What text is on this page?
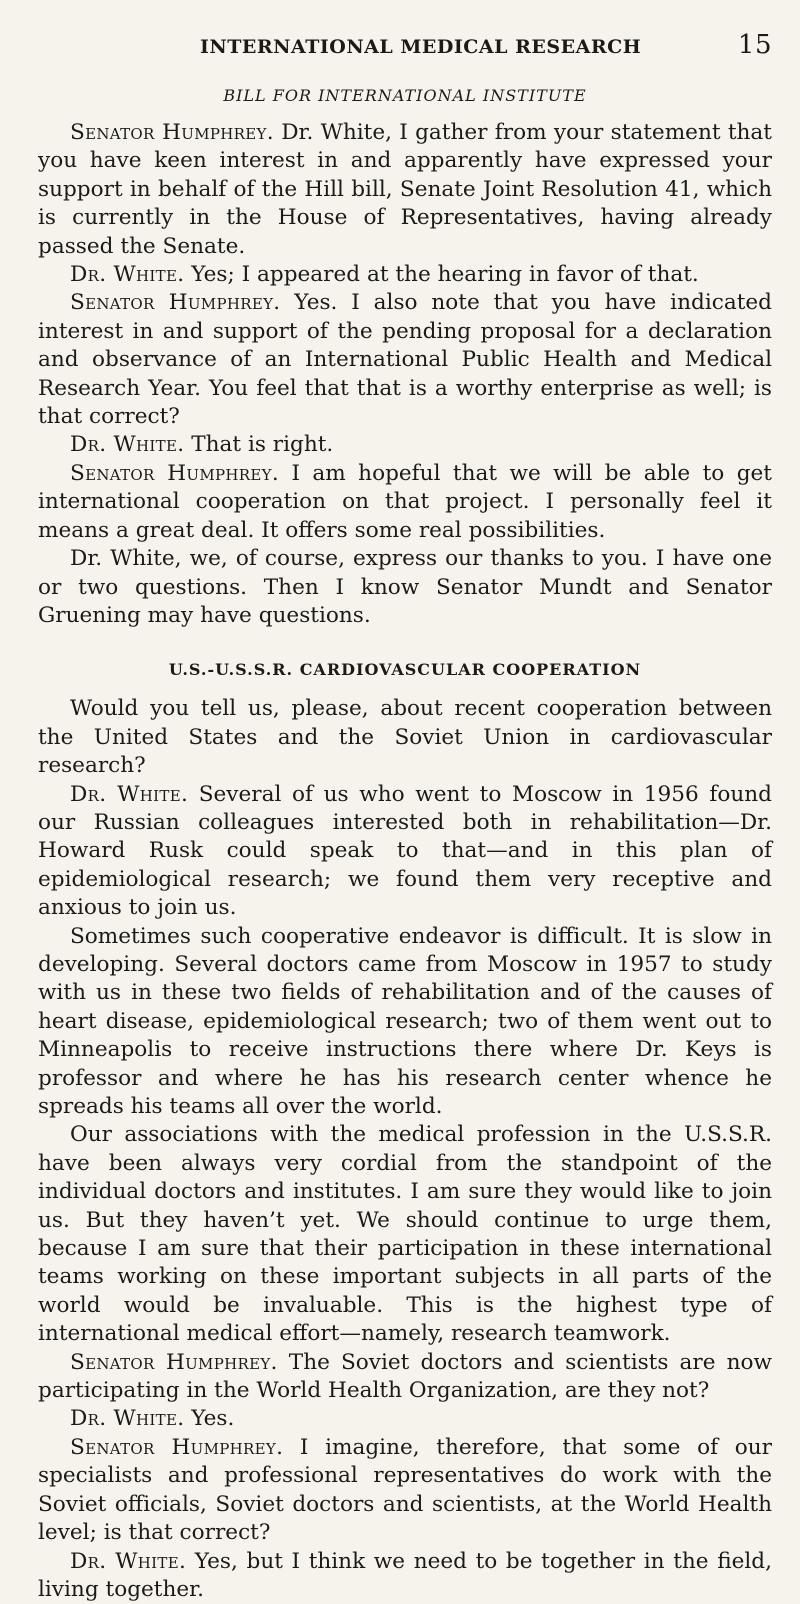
INTERNATIONAL MEDICAL RESEARCH	15
BILL FOR INTERNATIONAL INSTITUTE

Senator Humphrey. Dr. White, I gather from your statement that you have keen interest in and apparently have expressed your support in behalf of the Hill bill, Senate Joint Resolution 41, which is currently in the House of Representatives, having already passed the Senate.

Dr. White. Yes; I appeared at the hearing in favor of that.

Senator Humphrey. Yes. I also note that you have indicated interest in and support of the pending proposal for a declaration and observance of an International Public Health and Medical Research Year. You feel that that is a worthy enterprise as well; is that correct?

Dr. White. That is right.

Senator Humphrey. I am hopeful that we will be able to get international cooperation on that project. I personally feel it means a great deal. It offers some real possibilities.

Dr. White, we, of course, express our thanks to you. I have one or two questions. Then I know Senator Mundt and Senator Gruening may have questions.

U.S.-U.S.S.R. CARDIOVASCULAR COOPERATION

Would you tell us, please, about recent cooperation between the United States and the Soviet Union in cardiovascular research?

Dr. White. Several of us who went to Moscow in 1956 found our Russian colleagues interested both in rehabilitation—Dr. Howard Rusk could speak to that—and in this plan of epidemiological research; we found them very receptive and anxious to join us.

Sometimes such cooperative endeavor is difficult. It is slow in developing. Several doctors came from Moscow in 1957 to study with us in these two fields of rehabilitation and of the causes of heart disease, epidemiological research; two of them went out to Minneapolis to receive instructions there where Dr. Keys is professor and where he has his research center whence he spreads his teams all over the world.

Our associations with the medical profession in the U.S.S.R. have been always very cordial from the standpoint of the individual doctors and institutes. I am sure they would like to join us. But they haven’t yet. We should continue to urge them, because I am sure that their participation in these international teams working on these important subjects in all parts of the world would be invaluable. This is the highest type of international medical effort—namely, research teamwork.

Senator Humphrey. The Soviet doctors and scientists are now participating in the World Health Organization, are they not?

Dr. White. Yes.

Senator Humphrey. I imagine, therefore, that some of our specialists and professional representatives do work with the Soviet officials, Soviet doctors and scientists, at the World Health level; is that correct?

Dr. White. Yes, but I think we need to be together in the field, living together.
